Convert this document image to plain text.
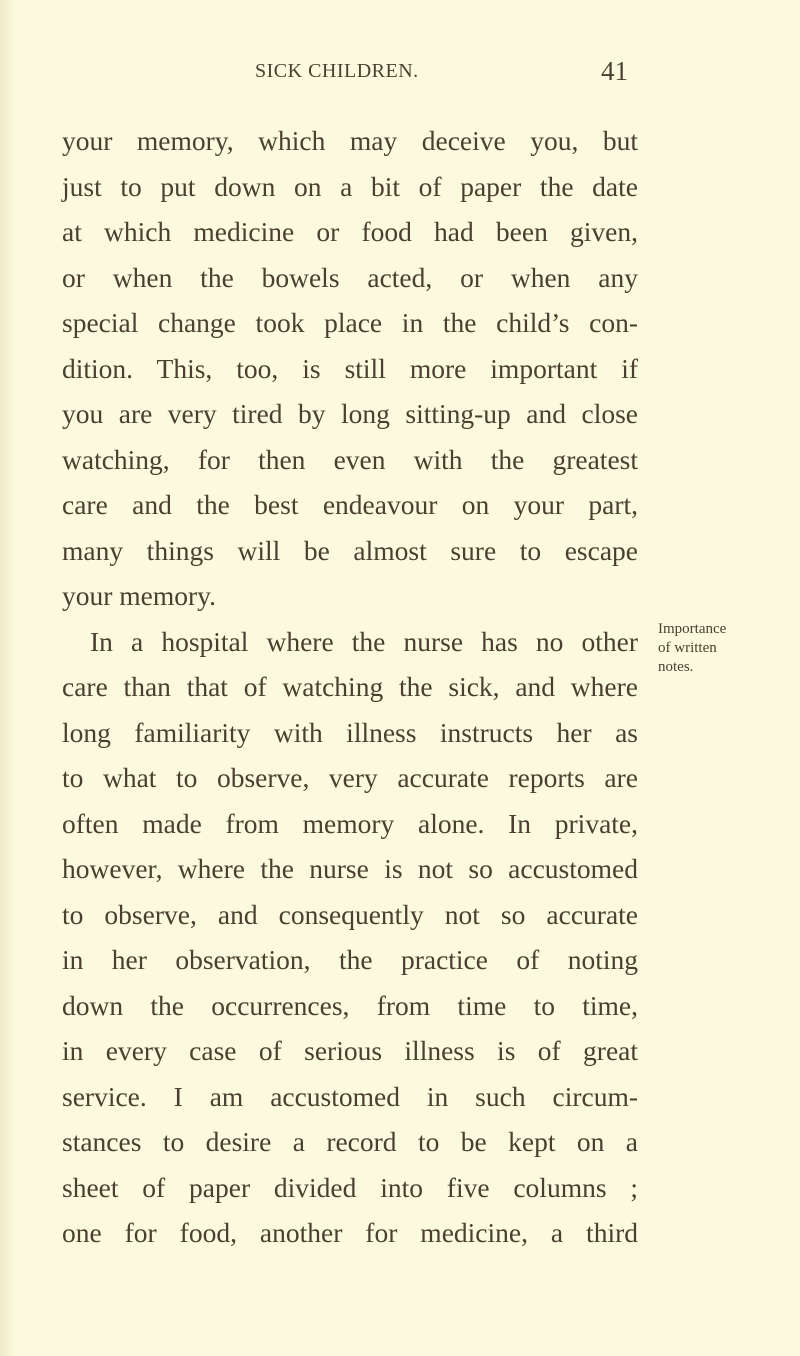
SICK CHILDREN.	41
your memory, which may deceive you, but
just to put down on a bit of paper the date
at which medicine or food had been given,
or when the bowels acted, or when any
special change took place in the child’s con-
dition. This, too, is still more important if
you are very tired by long sitting-up and close
watching, for then even with the greatest
care and the best endeavour on your part,
many things will be almost sure to escape
your memory.
In a hospital where the nurse has no other
care than that of watching the sick, and where
long familiarity with illness instructs her as
to what to observe, very accurate reports are
often made from memory alone. In private,
however, where the nurse is not so accustomed
to observe, and consequently not so accurate
in her observation, the practice of noting
down the occurrences, from time to time,
in every case of serious illness is of great
service. I am accustomed in such circum-
stances to desire a record to be kept on a
sheet of paper divided into five columns ;
one for food, another for medicine, a third
Importance
of written
notes.
